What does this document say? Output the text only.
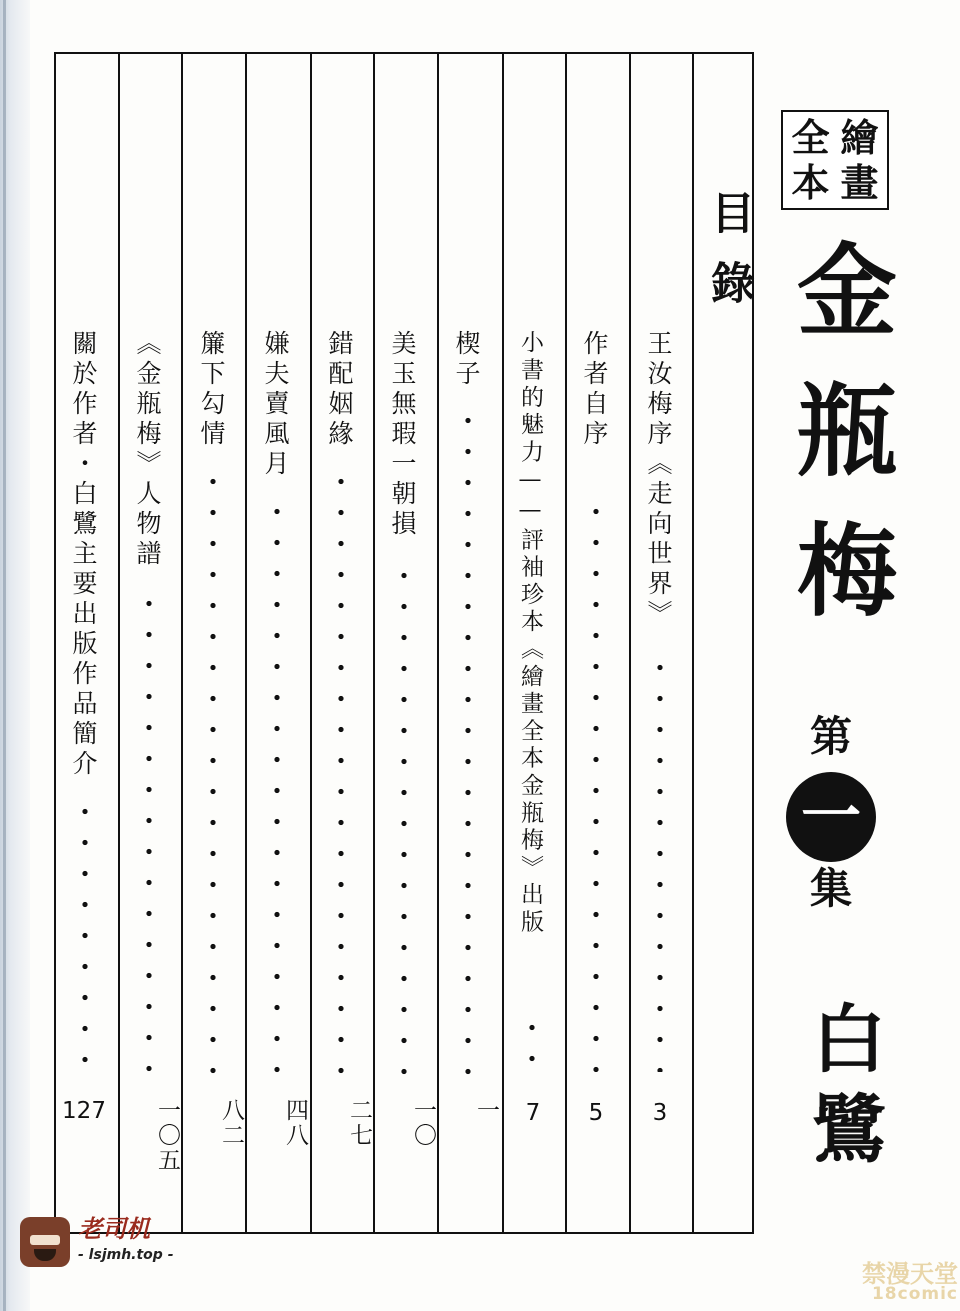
目錄
王汝梅序《走向世界》
3
作者自序
5
小書的魅力——評袖珍本《繪畫全本金瓶梅》出版
7
楔子
一
美玉無瑕一朝損
一〇
錯配姻緣
二七
嫌夫賣風月
四八
簾下勾情
八二
《金瓶梅》人物譜
一〇五
關於作者・白鷺主要出版作品簡介
127
全 繪
本 畫
金瓶梅
第
一
集
白鷺
老司机
- lsjmh.top -
禁漫天堂
18comic
